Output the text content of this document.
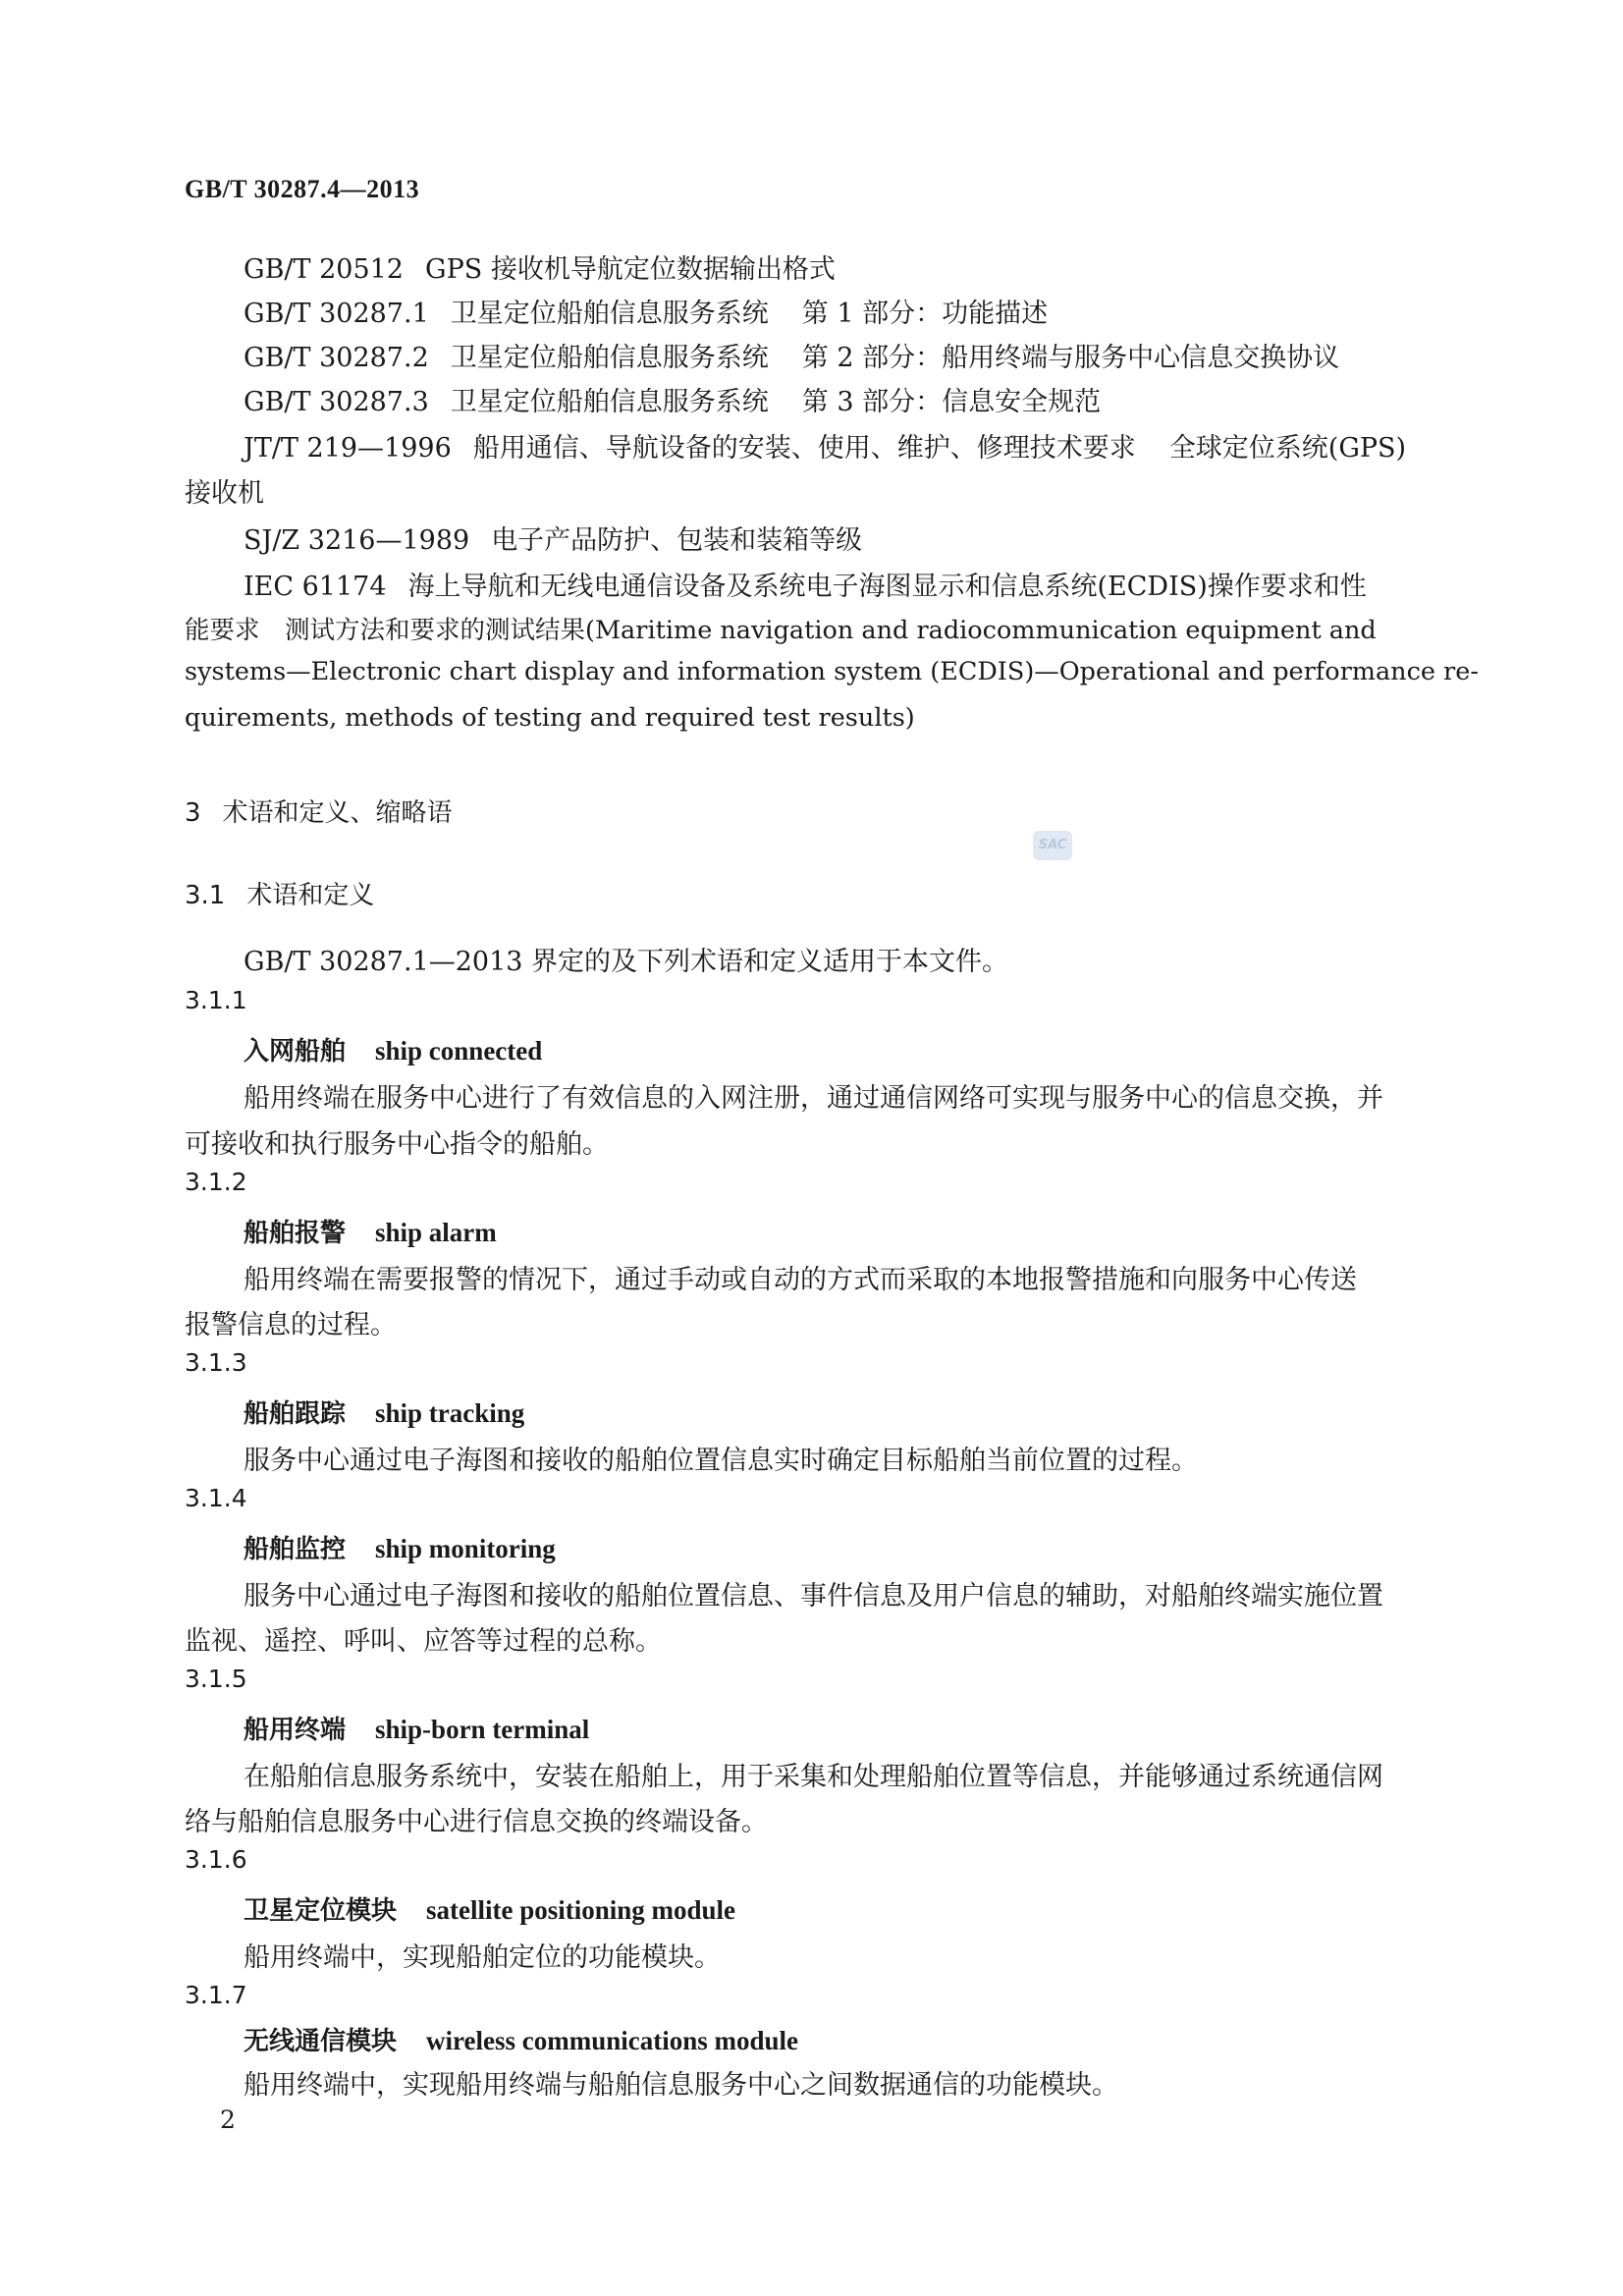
GB/T 30287.4—2013
GB/T 20512 GPS 接收机导航定位数据输出格式
GB/T 30287.1 卫星定位船舶信息服务系统 第 1 部分：功能描述
GB/T 30287.2 卫星定位船舶信息服务系统 第 2 部分：船用终端与服务中心信息交换协议
GB/T 30287.3 卫星定位船舶信息服务系统 第 3 部分：信息安全规范
JT/T 219—1996 船用通信、导航设备的安装、使用、维护、修理技术要求 全球定位系统(GPS)
接收机
SJ/Z 3216—1989 电子产品防护、包装和装箱等级
IEC 61174 海上导航和无线电通信设备及系统电子海图显示和信息系统(ECDIS)操作要求和性
能要求　测试方法和要求的测试结果(Maritime navigation and radiocommunication equipment and
systems—Electronic chart display and information system (ECDIS)—Operational and performance re-
quirements, methods of testing and required test results)
3 术语和定义、缩略语
SAC
3.1 术语和定义
GB/T 30287.1—2013 界定的及下列术语和定义适用于本文件。
3.1.1
入网船舶 ship connected
船用终端在服务中心进行了有效信息的入网注册，通过通信网络可实现与服务中心的信息交换，并
可接收和执行服务中心指令的船舶。
3.1.2
船舶报警 ship alarm
船用终端在需要报警的情况下，通过手动或自动的方式而采取的本地报警措施和向服务中心传送
报警信息的过程。
3.1.3
船舶跟踪 ship tracking
服务中心通过电子海图和接收的船舶位置信息实时确定目标船舶当前位置的过程。
3.1.4
船舶监控 ship monitoring
服务中心通过电子海图和接收的船舶位置信息、事件信息及用户信息的辅助，对船舶终端实施位置
监视、遥控、呼叫、应答等过程的总称。
3.1.5
船用终端 ship-born terminal
在船舶信息服务系统中，安装在船舶上，用于采集和处理船舶位置等信息，并能够通过系统通信网
络与船舶信息服务中心进行信息交换的终端设备。
3.1.6
卫星定位模块 satellite positioning module
船用终端中，实现船舶定位的功能模块。
3.1.7
无线通信模块 wireless communications module
船用终端中，实现船用终端与船舶信息服务中心之间数据通信的功能模块。
2
